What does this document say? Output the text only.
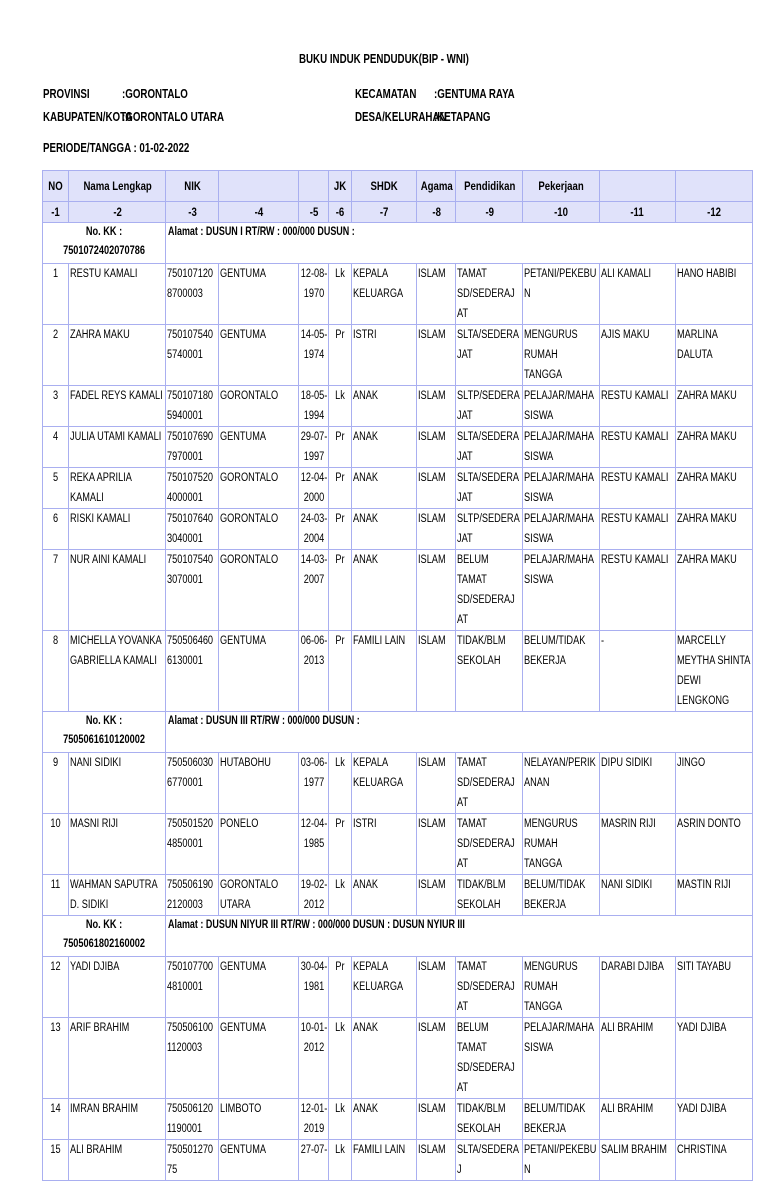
BUKU INDUK PENDUDUK(BIP - WNI)
PROVINSI	:GORONTALO
KABUPATEN/KOTA
:GORONTALO UTARA
KECAMATAN	:GENTUMA RAYA
DESA/KELURAHAN
:KETAPANG
PERIODE/TANGGA : 01-02-2022
NO	Nama Lengkap	NIK			JK	SHDK	Agama	Pendidikan	Pekerjaan		

-1	-2	-3	-4	-5	-6	-7	-8	-9	-10	-11	-12

No. KK :
7501072402070786		Alamat : DUSUN I RT/RW : 000/000 DUSUN :									

1	RESTU KAMALI	7501071208700003	GENTUMA	12-08-1970	Lk	KEPALA KELUARGA	ISLAM	TAMAT SD/SEDERAJAT	PETANI/PEKEBUN	ALI KAMALI	HANO HABIBI

2	ZAHRA MAKU	7501075405740001	GENTUMA	14-05-1974	Pr	ISTRI	ISLAM	SLTA/SEDERAJAT	MENGURUS RUMAH TANGGA	AJIS MAKU	MARLINA DALUTA

3	FADEL REYS KAMALI	7501071805940001	GORONTALO	18-05-1994	Lk	ANAK	ISLAM	SLTP/SEDERAJAT	PELAJAR/MAHASISWA	RESTU KAMALI	ZAHRA MAKU

4	JULIA UTAMI KAMALI	7501076907970001	GENTUMA	29-07-1997	Pr	ANAK	ISLAM	SLTA/SEDERAJAT	PELAJAR/MAHASISWA	RESTU KAMALI	ZAHRA MAKU

5	REKA APRILIA KAMALI	7501075204000001	GORONTALO	12-04-2000	Pr	ANAK	ISLAM	SLTA/SEDERAJAT	PELAJAR/MAHASISWA	RESTU KAMALI	ZAHRA MAKU

6	RISKI KAMALI	7501076403040001	GORONTALO	24-03-2004	Pr	ANAK	ISLAM	SLTP/SEDERAJAT	PELAJAR/MAHASISWA	RESTU KAMALI	ZAHRA MAKU

7	NUR AINI KAMALI	7501075403070001	GORONTALO	14-03-2007	Pr	ANAK	ISLAM	BELUM TAMAT SD/SEDERAJAT	PELAJAR/MAHASISWA	RESTU KAMALI	ZAHRA MAKU

8	MICHELLA YOVANKA GABRIELLA KAMALI	7505064606130001	GENTUMA	06-06-2013	Pr	FAMILI LAIN	ISLAM	TIDAK/BLM SEKOLAH	BELUM/TIDAK BEKERJA	-	MARCELLY MEYTHA SHINTA DEWI LENGKONG

No. KK :
7505061610120002		Alamat : DUSUN III RT/RW : 000/000 DUSUN :									

9	NANI SIDIKI	7505060306770001	HUTABOHU	03-06-1977	Lk	KEPALA KELUARGA	ISLAM	TAMAT SD/SEDERAJAT	NELAYAN/PERIKANAN	DIPU SIDIKI	JINGO

10	MASNI RIJI	7505015204850001	PONELO	12-04-1985	Pr	ISTRI	ISLAM	TAMAT SD/SEDERAJAT	MENGURUS RUMAH TANGGA	MASRIN RIJI	ASRIN DONTO

11	WAHMAN SAPUTRA D. SIDIKI	7505061902120003	GORONTALO UTARA	19-02-2012	Lk	ANAK	ISLAM	TIDAK/BLM SEKOLAH	BELUM/TIDAK BEKERJA	NANI SIDIKI	MASTIN RIJI

No. KK :
7505061802160002		Alamat : DUSUN NIYUR III RT/RW : 000/000 DUSUN : DUSUN NYIUR III									

12	YADI DJIBA	7501077004810001	GENTUMA	30-04-1981	Pr	KEPALA KELUARGA	ISLAM	TAMAT SD/SEDERAJAT	MENGURUS RUMAH TANGGA	DARABI DJIBA	SITI TAYABU

13	ARIF BRAHIM	7505061001120003	GENTUMA	10-01-2012	Lk	ANAK	ISLAM	BELUM TAMAT SD/SEDERAJAT	PELAJAR/MAHASISWA	ALI BRAHIM	YADI DJIBA

14	IMRAN BRAHIM	7505061201190001	LIMBOTO	12-01-2019	Lk	ANAK	ISLAM	TIDAK/BLM SEKOLAH	BELUM/TIDAK BEKERJA	ALI BRAHIM	YADI DJIBA

15	ALI BRAHIM	75050127075	GENTUMA	27-07-	Lk	FAMILI LAIN	ISLAM	SLTA/SEDERAJ	PETANI/PEKEBUN	SALIM BRAHIM	CHRISTINA
